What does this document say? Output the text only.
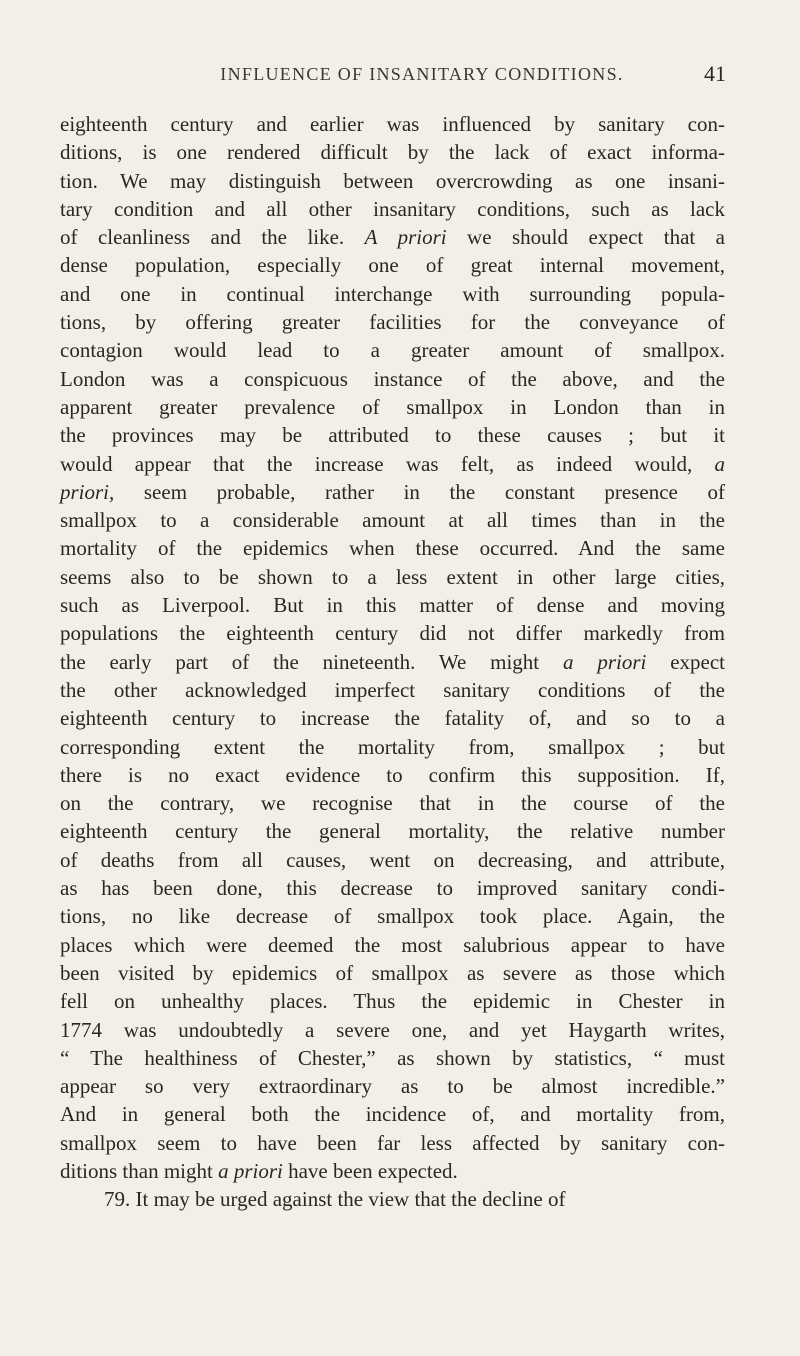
INFLUENCE OF INSANITARY CONDITIONS.	41
eighteenth century and earlier was influenced by sanitary con-
ditions, is one rendered difficult by the lack of exact informa-
tion. We may distinguish between overcrowding as one insani-
tary condition and all other insanitary conditions, such as lack
of cleanliness and the like. A priori we should expect that a
dense population, especially one of great internal movement,
and one in continual interchange with surrounding popula-
tions, by offering greater facilities for the conveyance of
contagion would lead to a greater amount of smallpox.
London was a conspicuous instance of the above, and the
apparent greater prevalence of smallpox in London than in
the provinces may be attributed to these causes ; but it
would appear that the increase was felt, as indeed would, a
priori, seem probable, rather in the constant presence of
smallpox to a considerable amount at all times than in the
mortality of the epidemics when these occurred. And the same
seems also to be shown to a less extent in other large cities,
such as Liverpool. But in this matter of dense and moving
populations the eighteenth century did not differ markedly from
the early part of the nineteenth. We might a priori expect
the other acknowledged imperfect sanitary conditions of the
eighteenth century to increase the fatality of, and so to a
corresponding extent the mortality from, smallpox ; but
there is no exact evidence to confirm this supposition. If,
on the contrary, we recognise that in the course of the
eighteenth century the general mortality, the relative number
of deaths from all causes, went on decreasing, and attribute,
as has been done, this decrease to improved sanitary condi-
tions, no like decrease of smallpox took place. Again, the
places which were deemed the most salubrious appear to have
been visited by epidemics of smallpox as severe as those which
fell on unhealthy places. Thus the epidemic in Chester in
1774 was undoubtedly a severe one, and yet Haygarth writes,
“ The healthiness of Chester,” as shown by statistics, “ must
appear so very extraordinary as to be almost incredible.”
And in general both the incidence of, and mortality from,
smallpox seem to have been far less affected by sanitary con-
ditions than might a priori have been expected.
79. It may be urged against the view that the decline of
